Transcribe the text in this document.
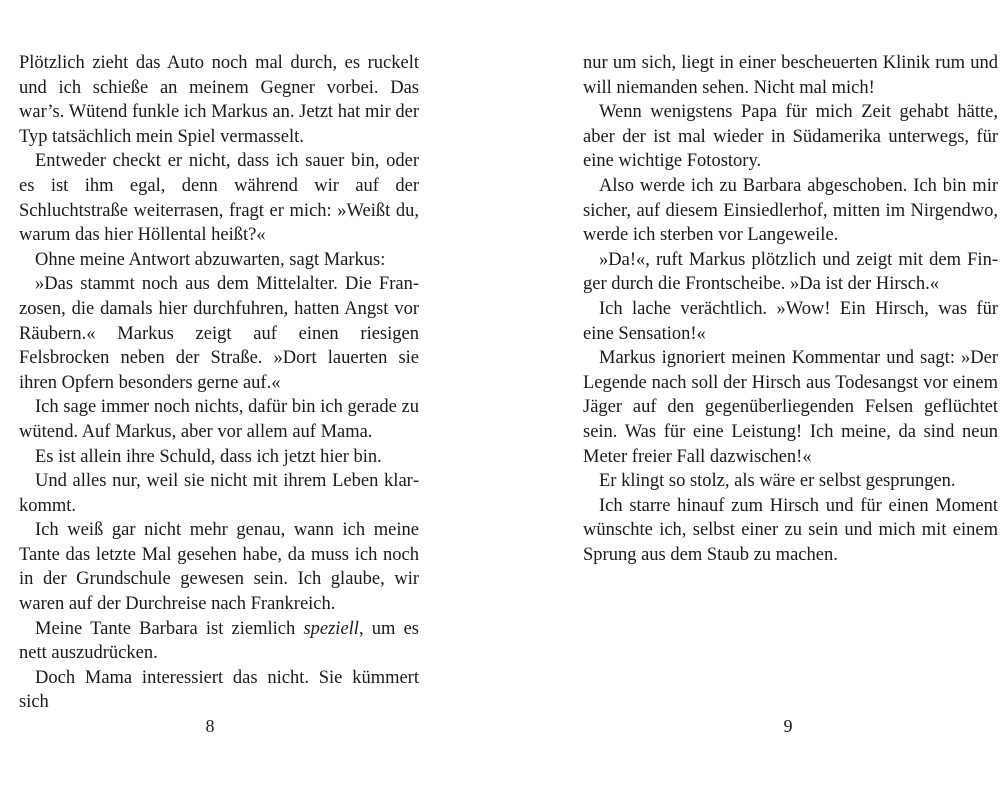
Plötzlich zieht das Auto noch mal durch, es ruckelt und ich schieße an meinem Gegner vorbei. Das war’s. Wütend funkle ich Markus an. Jetzt hat mir der Typ tatsächlich mein Spiel vermasselt.

Entweder checkt er nicht, dass ich sauer bin, oder es ist ihm egal, denn während wir auf der Schluchtstraße weiterrasen, fragt er mich: »Weißt du, warum das hier Höllental heißt?«

Ohne meine Antwort abzuwarten, sagt Markus:

»Das stammt noch aus dem Mittelalter. Die Franzosen, die damals hier durchfuhren, hatten Angst vor Räubern.« Markus zeigt auf einen riesigen Felsbrocken neben der Straße. »Dort lauerten sie ihren Opfern besonders gerne auf.«

Ich sage immer noch nichts, dafür bin ich gerade zu wütend. Auf Markus, aber vor allem auf Mama.

Es ist allein ihre Schuld, dass ich jetzt hier bin.

Und alles nur, weil sie nicht mit ihrem Leben klarkommt.

Ich weiß gar nicht mehr genau, wann ich meine Tante das letzte Mal gesehen habe, da muss ich noch in der Grundschule gewesen sein. Ich glaube, wir waren auf der Durchreise nach Frankreich.

Meine Tante Barbara ist ziemlich speziell, um es nett auszudrücken.

Doch Mama interessiert das nicht. Sie kümmert sich

8

nur um sich, liegt in einer bescheuerten Klinik rum und will niemanden sehen. Nicht mal mich!

Wenn wenigstens Papa für mich Zeit gehabt hätte, aber der ist mal wieder in Südamerika unterwegs, für eine wichtige Fotostory.

Also werde ich zu Barbara abgeschoben. Ich bin mir sicher, auf diesem Einsiedlerhof, mitten im Nirgendwo, werde ich sterben vor Langeweile.

»Da!«, ruft Markus plötzlich und zeigt mit dem Finger durch die Frontscheibe. »Da ist der Hirsch.«

Ich lache verächtlich. »Wow! Ein Hirsch, was für eine Sensation!«

Markus ignoriert meinen Kommentar und sagt: »Der Legende nach soll der Hirsch aus Todesangst vor einem Jäger auf den gegenüberliegenden Felsen geflüchtet sein. Was für eine Leistung! Ich meine, da sind neun Meter freier Fall dazwischen!«

Er klingt so stolz, als wäre er selbst gesprungen.

Ich starre hinauf zum Hirsch und für einen Moment wünschte ich, selbst einer zu sein und mich mit einem Sprung aus dem Staub zu machen.

9
